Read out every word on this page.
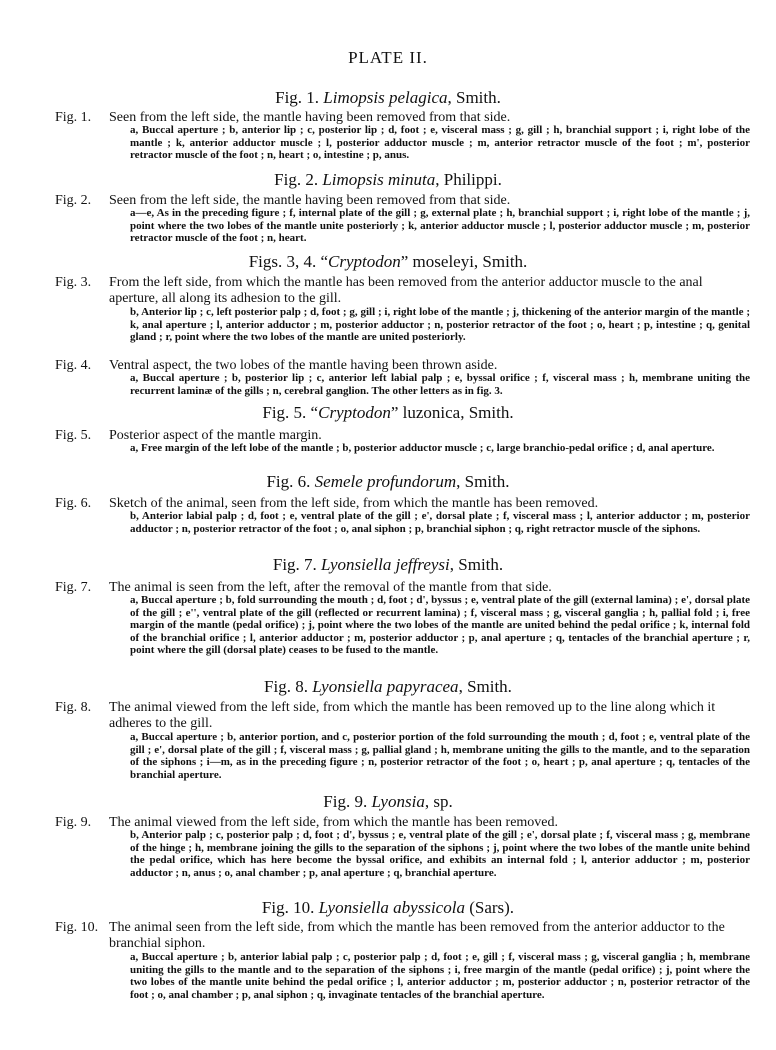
PLATE II.
Fig. 1. Limopsis pelagica, Smith.
Fig. 1. Seen from the left side, the mantle having been removed from that side.
a, Buccal aperture ; b, anterior lip ; c, posterior lip ; d, foot ; e, visceral mass ; g, gill ; h, branchial support ; i, right lobe of the mantle ; k, anterior adductor muscle ; l, posterior adductor muscle ; m, anterior retractor muscle of the foot ; m', posterior retractor muscle of the foot ; n, heart ; o, intestine ; p, anus.
Fig. 2. Limopsis minuta, Philippi.
Fig. 2. Seen from the left side, the mantle having been removed from that side.
a—e, As in the preceding figure ; f, internal plate of the gill ; g, external plate ; h, branchial support ; i, right lobe of the mantle ; j, point where the two lobes of the mantle unite posteriorly ; k, anterior adductor muscle ; l, posterior adductor muscle ; m, posterior retractor muscle of the foot ; n, heart.
Figs. 3, 4. “Cryptodon” moseleyi, Smith.
Fig. 3. From the left side, from which the mantle has been removed from the anterior adductor muscle to the anal aperture, all along its adhesion to the gill.
b, Anterior lip ; c, left posterior palp ; d, foot ; g, gill ; i, right lobe of the mantle ; j, thickening of the anterior margin of the mantle ; k, anal aperture ; l, anterior adductor ; m, posterior adductor ; n, posterior retractor of the foot ; o, heart ; p, intestine ; q, genital gland ; r, point where the two lobes of the mantle are united posteriorly.
Fig. 4. Ventral aspect, the two lobes of the mantle having been thrown aside.
a, Buccal aperture ; b, posterior lip ; c, anterior left labial palp ; e, byssal orifice ; f, visceral mass ; h, membrane uniting the recurrent laminæ of the gills ; n, cerebral ganglion. The other letters as in fig. 3.
Fig. 5. “Cryptodon” luzonica, Smith.
Fig. 5. Posterior aspect of the mantle margin.
a, Free margin of the left lobe of the mantle ; b, posterior adductor muscle ; c, large branchio-pedal orifice ; d, anal aperture.
Fig. 6. Semele profundorum, Smith.
Fig. 6. Sketch of the animal, seen from the left side, from which the mantle has been removed.
b, Anterior labial palp ; d, foot ; e, ventral plate of the gill ; e', dorsal plate ; f, visceral mass ; l, anterior adductor ; m, posterior adductor ; n, posterior retractor of the foot ; o, anal siphon ; p, branchial siphon ; q, right retractor muscle of the siphons.
Fig. 7. Lyonsiella jeffreysi, Smith.
Fig. 7. The animal is seen from the left, after the removal of the mantle from that side.
a, Buccal aperture ; b, fold surrounding the mouth ; d, foot ; d', byssus ; e, ventral plate of the gill (external lamina) ; e', dorsal plate of the gill ; e'', ventral plate of the gill (reflected or recurrent lamina) ; f, visceral mass ; g, visceral ganglia ; h, pallial fold ; i, free margin of the mantle (pedal orifice) ; j, point where the two lobes of the mantle are united behind the pedal orifice ; k, internal fold of the branchial orifice ; l, anterior adductor ; m, posterior adductor ; p, anal aperture ; q, tentacles of the branchial aperture ; r, point where the gill (dorsal plate) ceases to be fused to the mantle.
Fig. 8. Lyonsiella papyracea, Smith.
Fig. 8. The animal viewed from the left side, from which the mantle has been removed up to the line along which it adheres to the gill.
a, Buccal aperture ; b, anterior portion, and c, posterior portion of the fold surrounding the mouth ; d, foot ; e, ventral plate of the gill ; e', dorsal plate of the gill ; f, visceral mass ; g, pallial gland ; h, membrane uniting the gills to the mantle, and to the separation of the siphons ; i—m, as in the preceding figure ; n, posterior retractor of the foot ; o, heart ; p, anal aperture ; q, tentacles of the branchial aperture.
Fig. 9. Lyonsia, sp.
Fig. 9. The animal viewed from the left side, from which the mantle has been removed.
b, Anterior palp ; c, posterior palp ; d, foot ; d', byssus ; e, ventral plate of the gill ; e', dorsal plate ; f, visceral mass ; g, membrane of the hinge ; h, membrane joining the gills to the separation of the siphons ; j, point where the two lobes of the mantle unite behind the pedal orifice, which has here become the byssal orifice, and exhibits an internal fold ; l, anterior adductor ; m, posterior adductor ; n, anus ; o, anal chamber ; p, anal aperture ; q, branchial aperture.
Fig. 10. Lyonsiella abyssicola (Sars).
Fig. 10. The animal seen from the left side, from which the mantle has been removed from the anterior adductor to the branchial siphon.
a, Buccal aperture ; b, anterior labial palp ; c, posterior palp ; d, foot ; e, gill ; f, visceral mass ; g, visceral ganglia ; h, membrane uniting the gills to the mantle and to the separation of the siphons ; i, free margin of the mantle (pedal orifice) ; j, point where the two lobes of the mantle unite behind the pedal orifice ; l, anterior adductor ; m, posterior adductor ; n, posterior retractor of the foot ; o, anal chamber ; p, anal siphon ; q, invaginate tentacles of the branchial aperture.
